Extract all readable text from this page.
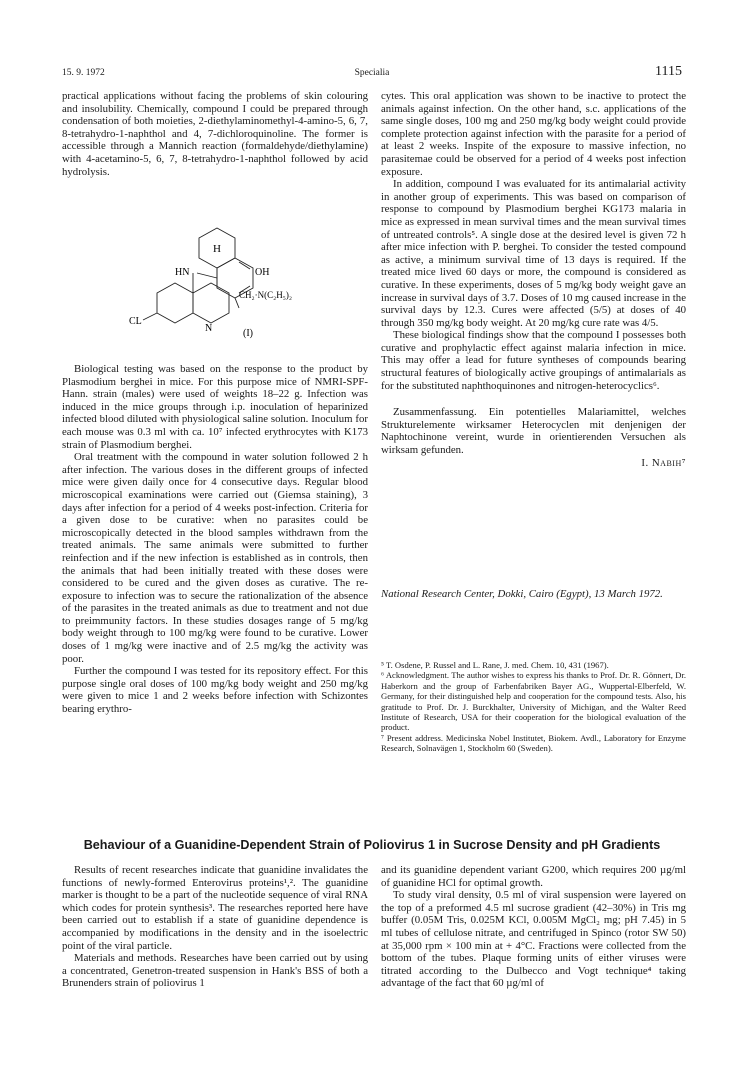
15. 9. 1972	Specialia	1115

practical applications without facing the problems of skin colouring and insolubility. Chemically, compound I could be prepared through condensation of both moieties, 2-diethylaminomethyl-4-amino-5, 6, 7, 8-tetrahydro-1-naphthol and 4, 7-dichloroquinoline. The former is accessible through a Mannich reaction (formaldehyde/diethylamine) with 4-acetamino-5, 6, 7, 8-tetrahydro-1-naphthol followed by acid hydrolysis.

H
HN	OH
CH₂·N(C₂H₅)₂
CL
N	(I)

Biological testing was based on the response to the product by Plasmodium berghei in mice. For this purpose mice of NMRI-SPF-Hann. strain (males) were used of weights 18–22 g. Infection was induced in the mice groups through i.p. inoculation of heparinized infected blood diluted with physiological saline solution. Inoculum for each mouse was 0.3 ml with ca. 10⁷ infected erythrocytes with K173 strain of Plasmodium berghei.

Oral treatment with the compound in water solution followed 2 h after infection. The various doses in the different groups of infected mice were given daily once for 4 consecutive days. Regular blood microscopical examinations were carried out (Giemsa staining), 3 days after infection for a period of 4 weeks post-infection. Criteria for a given dose to be curative: when no parasites could be microscopically detected in the blood samples withdrawn from the treated animals. The same animals were submitted to further reinfection and if the new infection is established as in controls, then the animals that had been initially treated with these doses were considered to be cured and the given doses as curative. The re-exposure to infection was to secure the rationalization of the absence of the parasites in the treated animals as due to treatment and not due to preimmunity factors. In these studies dosages range of 5 mg/kg body weight through to 100 mg/kg were found to be curative. Lower doses of 1 mg/kg were inactive and of 2.5 mg/kg the activity was poor.

Further the compound I was tested for its repository effect. For this purpose single oral doses of 100 mg/kg body weight and 250 mg/kg were given to mice 1 and 2 weeks before infection with Schizontes bearing erythro-

cytes. This oral application was shown to be inactive to protect the animals against infection. On the other hand, s.c. applications of the same single doses, 100 mg and 250 mg/kg body weight could provide complete protection against infection with the parasite for a period of at least 2 weeks. Inspite of the exposure to massive infection, no parasitemae could be observed for a period of 4 weeks post infection exposure.

In addition, compound I was evaluated for its antimalarial activity in another group of experiments. This was based on comparison of response to compound by Plasmodium berghei KG173 malaria in mice as expressed in mean survival times and the mean survival times of untreated controls⁵. A single dose at the desired level is given 72 h after mice infection with P. berghei. To consider the tested compound as active, a minimum survival time of 13 days is required. If the treated mice lived 60 days or more, the compound is considered as curative. In these experiments, doses of 5 mg/kg body weight gave an increase in survival days of 3.7. Doses of 10 mg caused increase in the survival days by 12.3. Cures were affected (5/5) at doses of 40 through 350 mg/kg body weight. At 20 mg/kg cure rate was 4/5.

These biological findings show that the compound I possesses both curative and prophylactic effect against malaria infection in mice. This may offer a lead for future syntheses of compounds bearing structural features of biologically active groupings of antimalarials as for the substituted naphthoquinones and nitrogen-heterocyclics⁶.

Zusammenfassung. Ein potentielles Malariamittel, welches Strukturelemente wirksamer Heterocyclen mit denjenigen der Naphtochinone vereint, wurde in orientierenden Versuchen als wirksam gefunden.

I. Nabih⁷

National Research Center, Dokki, Cairo (Egypt), 13 March 1972.
⁵ T. Osdene, P. Russel and L. Rane, J. med. Chem. 10, 431 (1967).
⁶ Acknowledgment. The author wishes to express his thanks to Prof. Dr. R. Gönnert, Dr. Haberkorn and the group of Farbenfabriken Bayer AG., Wuppertal-Elberfeld, W. Germany, for their distinguished help and cooperation for the compound tests. Also, his gratitude to Prof. Dr. J. Burckhalter, University of Michigan, and the Walter Reed Institute of Research, USA for their cooperation for the biological evaluation of the product.
⁷ Present address. Medicinska Nobel Institutet, Biokem. Avdl., Laboratory for Enzyme Research, Solnavägen 1, Stockholm 60 (Sweden).
Behaviour of a Guanidine-Dependent Strain of Poliovirus 1 in Sucrose Density and pH Gradients

Results of recent researches indicate that guanidine invalidates the functions of newly-formed Enterovirus proteins¹,². The guanidine marker is thought to be a part of the nucleotide sequence of viral RNA which codes for protein synthesis³. The researches reported here have been carried out to establish if a state of guanidine dependence is accompanied by modifications in the density and in the isoelectric point of the viral particle.

Materials and methods. Researches have been carried out by using a concentrated, Genetron-treated suspension in Hank's BSS of both a Brunenders strain of poliovirus 1

and its guanidine dependent variant G200, which requires 200 µg/ml of guanidine HCl for optimal growth.

To study viral density, 0.5 ml of viral suspension were layered on the top of a preformed 4.5 ml sucrose gradient (42–30%) in Tris mg buffer (0.05M Tris, 0.025M KCl, 0.005M MgCl₂ mg; pH 7.45) in 5 ml tubes of cellulose nitrate, and centrifuged in Spinco (rotor SW 50) at 35,000 rpm × 100 min at + 4°C. Fractions were collected from the bottom of the tubes. Plaque forming units of either viruses were titrated according to the Dulbecco and Vogt technique⁴ taking advantage of the fact that 60 µg/ml of
